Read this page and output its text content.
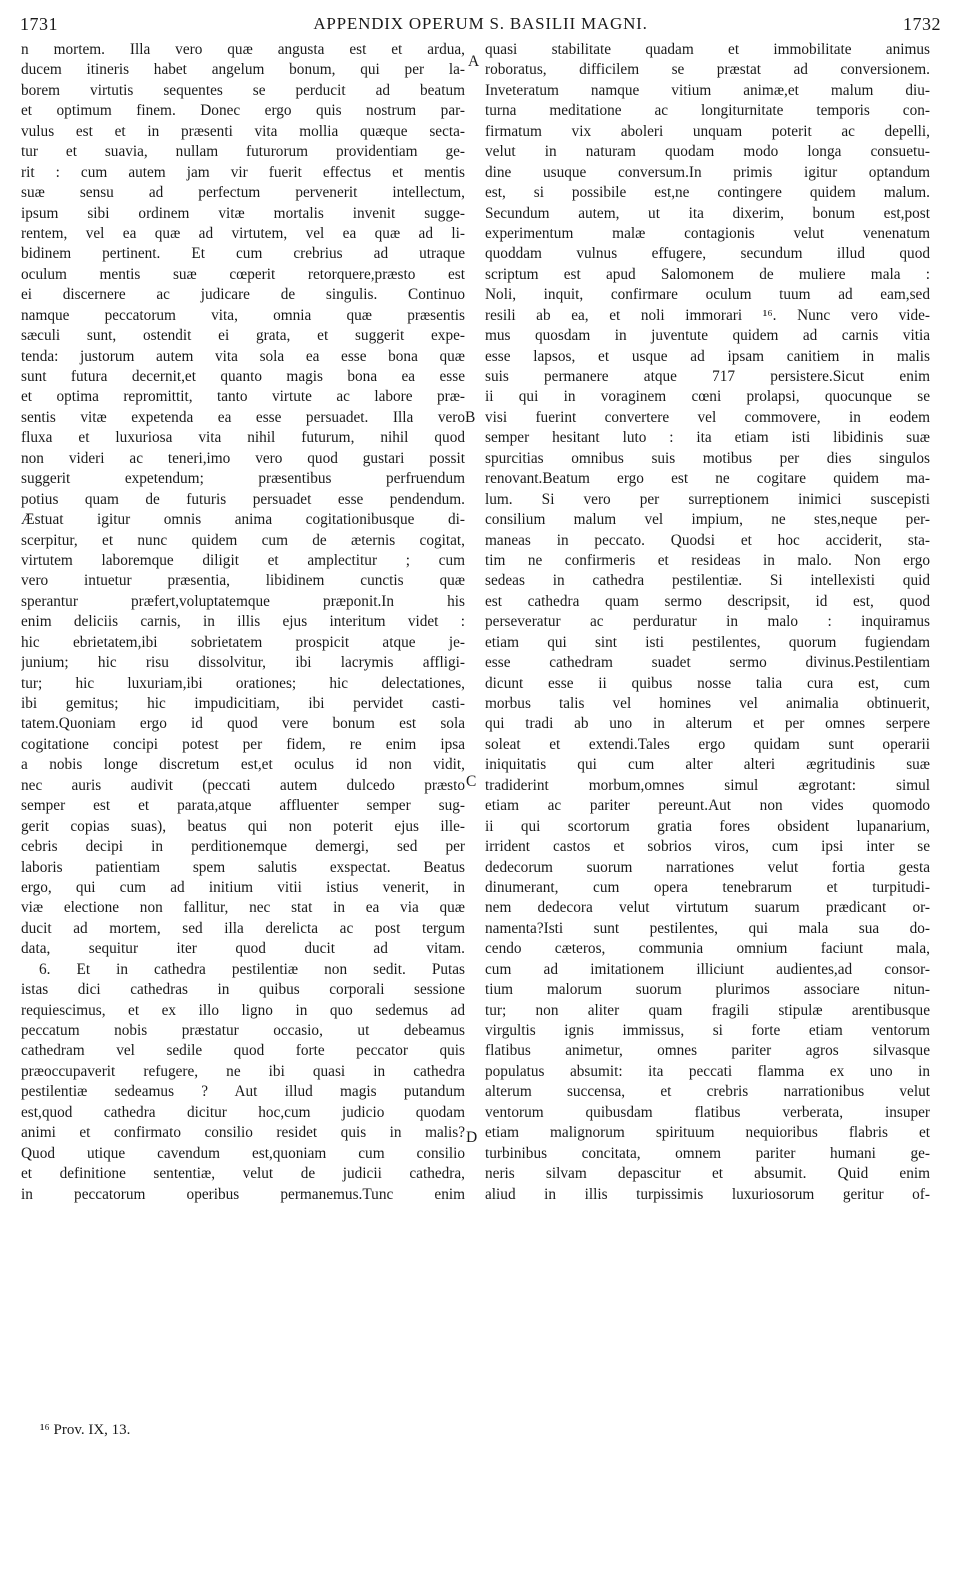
1731	APPENDIX OPERUM S. BASILII MAGNI.	1732
n mortem. Illa vero quæ angusta est et ardua,
ducem itineris habet angelum bonum, qui per la-
borem virtutis sequentes se perducit ad beatum
et optimum finem. Donec ergo quis nostrum par-
vulus est et in præsenti vita mollia quæque secta-
tur et suavia, nullam futurorum providentiam ge-
rit : cum autem jam vir fuerit effectus et mentis
suæ sensu ad perfectum pervenerit intellectum,
ipsum sibi ordinem vitæ mortalis invenit sugge-
rentem, vel ea quæ ad virtutem, vel ea quæ ad li-
bidinem pertinent. Et cum crebrius ad utraque
oculum mentis suæ cœperit retorquere,præsto est
ei discernere ac judicare de singulis. Continuo
namque peccatorum vita, omnia quæ præsentis
sæculi sunt, ostendit ei grata, et suggerit expe-
tenda: justorum autem vita sola ea esse bona quæ
sunt futura decernit,et quanto magis bona ea esse
et optima repromittit, tanto virtute ac labore præ-
sentis vitæ expetenda ea esse persuadet. Illa vero
fluxa et luxuriosa vita nihil futurum, nihil quod
non videri ac teneri,imo vero quod gustari possit
suggerit expetendum; præsentibus perfruendum
potius quam de futuris persuadet esse pendendum.
Æstuat igitur omnis anima cogitationibusque di-
scerpitur, et nunc quidem cum de æternis cogitat,
virtutem laboremque diligit et amplectitur ; cum
vero intuetur præsentia, libidinem cunctis quæ
sperantur præfert,voluptatemque præponit.In his
enim deliciis carnis, in illis ejus interitum videt :
hic ebrietatem,ibi sobrietatem prospicit atque je-
junium; hic risu dissolvitur, ibi lacrymis affligi-
tur; hic luxuriam,ibi orationes; hic delectationes,
ibi gemitus; hic impudicitiam, ibi pervidet casti-
tatem.Quoniam ergo id quod vere bonum est sola
cogitatione concipi potest per fidem, re enim ipsa
a nobis longe discretum est,et oculus id non vidit,
nec auris audivit (peccati autem dulcedo præsto
semper est et parata,atque affluenter semper sug-
gerit copias suas), beatus qui non poterit ejus ille-
cebris decipi in perditionemque demergi, sed per
laboris patientiam spem salutis exspectat. Beatus
ergo, qui cum ad initium vitii istius venerit, in
viæ electione non fallitur, nec stat in ea via quæ
ducit ad mortem, sed illa derelicta ac post tergum
data, sequitur iter quod ducit ad vitam.
6. Et in cathedra pestilentiæ non sedit. Putas
istas dici cathedras in quibus corporali sessione
requiescimus, et ex illo ligno in quo sedemus ad
peccatum nobis præstatur occasio, ut debeamus
cathedram vel sedile quod forte peccator quis
præoccupaverit refugere, ne ibi quasi in cathedra
pestilentiæ sedeamus ? Aut illud magis putandum
est,quod cathedra dicitur hoc,cum judicio quodam
animi et confirmato consilio residet quis in malis?
Quod utique cavendum est,quoniam cum consilio
et definitione sententiæ, velut de judicii cathedra,
in peccatorum operibus permanemus.Tunc enim
quasi stabilitate quadam et immobilitate animus
roboratus, difficilem se præstat ad conversionem.
Inveteratum namque vitium animæ,et malum diu-
turna meditatione ac longiturnitate temporis con-
firmatum vix aboleri unquam poterit ac depelli,
velut in naturam quodam modo longa consuetu-
dine usuque conversum.In primis igitur optandum
est, si possibile est,ne contingere quidem malum.
Secundum autem, ut ita dixerim, bonum est,post
experimentum malæ contagionis velut venenatum
quoddam vulnus effugere, secundum illud quod
scriptum est apud Salomonem de muliere mala :
Noli, inquit, confirmare oculum tuum ad eam,sed
resili ab ea, et noli immorari ¹⁶. Nunc vero vide-
mus quosdam in juventute quidem ad carnis vitia
esse lapsos, et usque ad ipsam canitiem in malis
suis permanere atque 717 persistere.Sicut enim
ii qui in voraginem cœni prolapsi, quocunque se
visi fuerint convertere vel commovere, in eodem
semper hesitant luto : ita etiam isti libidinis suæ
spurcitias omnibus suis motibus per dies singulos
renovant.Beatum ergo est ne cogitare quidem ma-
lum. Si vero per surreptionem inimici suscepisti
consilium malum vel impium, ne stes,neque per-
maneas in peccato. Quodsi et hoc acciderit, sta-
tim ne confirmeris et resideas in malo. Non ergo
sedeas in cathedra pestilentiæ. Si intellexisti quid
est cathedra quam sermo descripsit, id est, quod
perseveratur ac perduratur in malo : inquiramus
etiam qui sint isti pestilentes, quorum fugiendam
esse cathedram suadet sermo divinus.Pestilentiam
dicunt esse ii quibus nosse talia cura est, cum
morbus talis vel homines vel animalia obtinuerit,
qui tradi ab uno in alterum et per omnes serpere
soleat et extendi.Tales ergo quidam sunt operarii
iniquitatis qui cum alter alteri ægritudinis suæ
tradiderint morbum,omnes simul ægrotant: simul
etiam ac pariter pereunt.Aut non vides quomodo
ii qui scortorum gratia fores obsident lupanarium,
irrident castos et sobrios viros, cum ipsi inter se
dedecorum suorum narrationes velut fortia gesta
dinumerant, cum opera tenebrarum et turpitudi-
nem dedecora velut virtutum suarum prædicant or-
namenta?Isti sunt pestilentes, qui mala sua do-
cendo cæteros, communia omnium faciunt mala,
cum ad imitationem illiciunt audientes,ad consor-
tium malorum suorum plurimos associare nitun-
tur; non aliter quam fragili stipulæ arentibusque
virgultis ignis immissus, si forte etiam ventorum
flatibus animetur, omnes pariter agros silvasque
populatus absumit: ita peccati flamma ex uno in
alterum succensa, et crebris narrationibus velut
ventorum quibusdam flatibus verberata, insuper
etiam malignorum spirituum nequioribus flabris et
turbinibus concitata, omnem pariter humani ge-
neris silvam depascitur et absumit. Quid enim
aliud in illis turpissimis luxuriosorum geritur of-
A
B
C
D
¹⁶ Prov. IX, 13.
